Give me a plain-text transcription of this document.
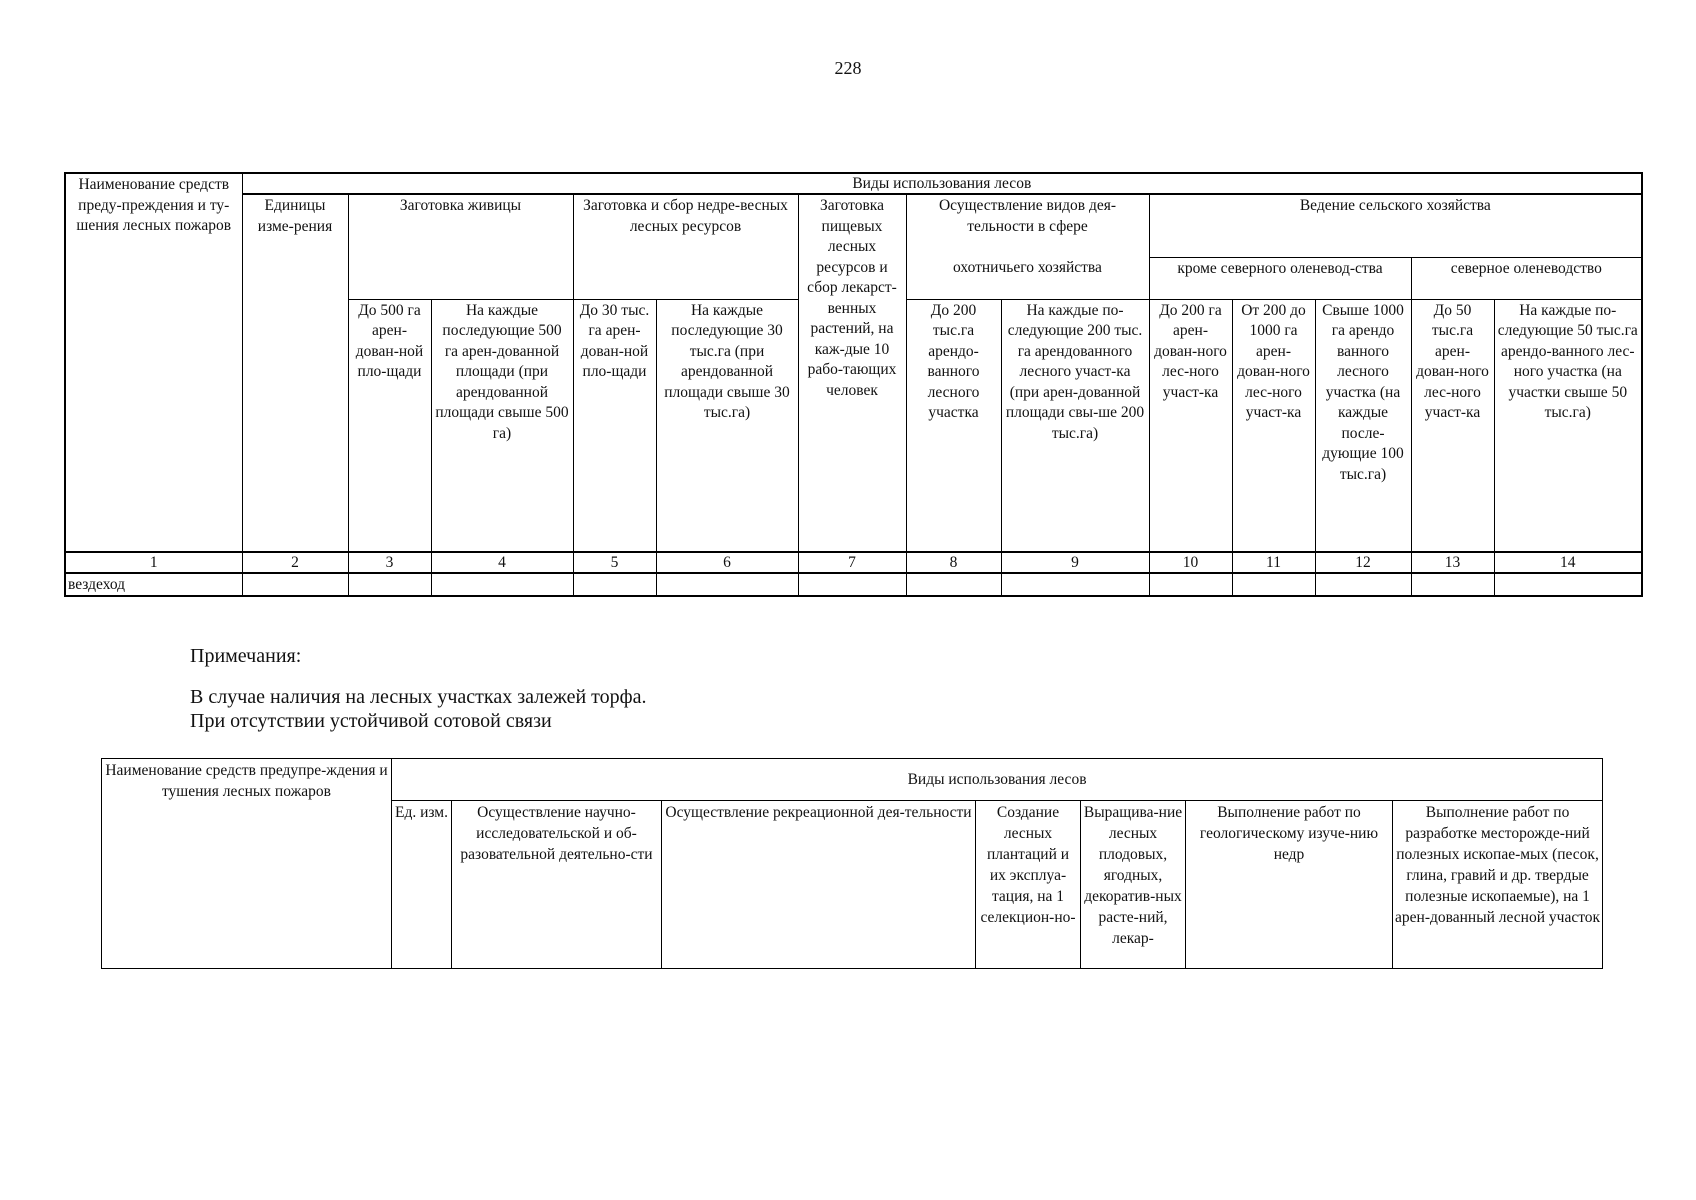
228
Наименование средств преду-преждения и ту-шения лесных пожаров	Виды использования лесов												
	Единицы изме-рения	Заготовка живицы		Заготовка и сбор недре-весных лесных ресурсов		Заготовка пищевых лесных ресурсов и сбор лекарст-венных растений, на каж-дые 10 рабо-тающих человек	Осуществление видов дея-тельности в сфере		Ведение сельского хозяйства				
							охотничьего хозяйства		кроме северного оленевод-ства			северное оленеводство	
		До 500 га арен-дован-ной пло-щади	На каждые последующие 500 га арен-дованной площади (при арендованной площади свыше 500 га)	До 30 тыс. га арен-дован-ной пло-щади	На каждые последующие 30 тыс.га (при арендованной площади свыше 30 тыс.га)		До 200 тыс.га арендо-ванного лесного участка	На каждые по-следующие 200 тыс. га арендованного лесного участ-ка (при арен-дованной площади свы-ше 200 тыс.га)	До 200 га арен-дован-ного лес-ного участ-ка	От 200 до 1000 га арен-дован-ного лес-ного участ-ка	Свыше 1000 га арендо ванного лесного участка (на каждые после-дующие 100 тыс.га)	До 50 тыс.га арен-дован-ного лес-ного участ-ка	На каждые по-следующие 50 тыс.га арендо-ванного лес-ного участка (на участки свыше 50 тыс.га)
1	2	3	4	5	6	7	8	9	10	11	12	13	14
вездеход													
Примечания:
В случае наличия на лесных участках залежей торфа.
При отсутствии устойчивой сотовой связи
Наименование средств предупре-ждения и тушения лесных пожаров	Виды использования лесов						
	Ед. изм.	Осуществление научно-исследовательской и об-разовательной деятельно-сти	Осуществление рекреационной дея-тельности	Создание лесных плантаций и их эксплуа-тация, на 1 селекцион-но-	Выращива-ние лесных плодовых, ягодных, декоратив-ных расте-ний, лекар-	Выполнение работ по геологическому изуче-нию недр	Выполнение работ по разработке месторожде-ний полезных ископае-мых (песок, глина, гравий и др. твердые полезные ископаемые), на 1 арен-дованный лесной участок
